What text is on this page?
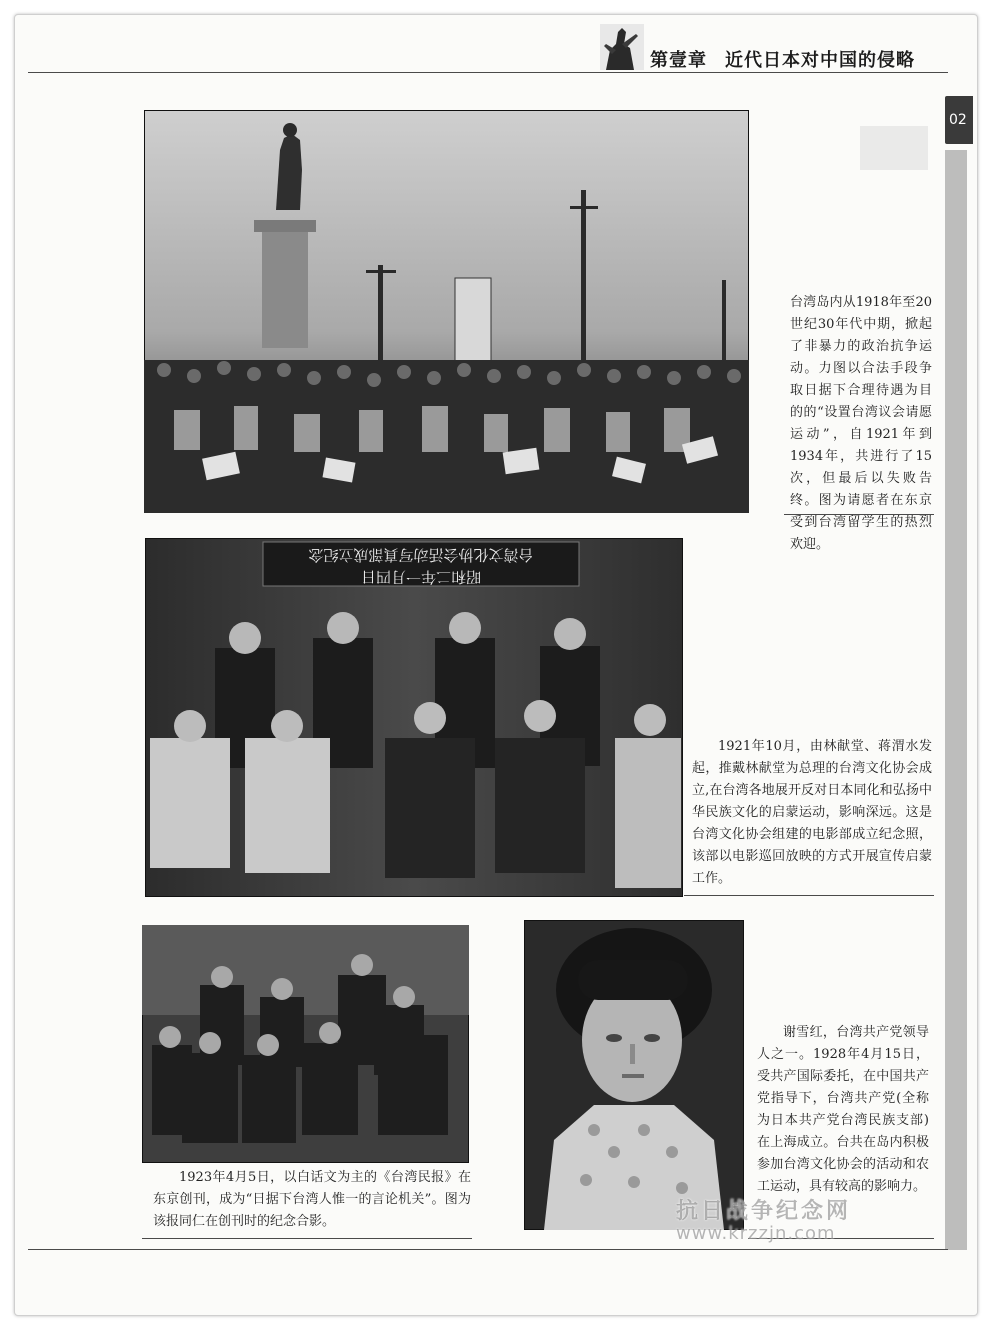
第壹章 近代日本对中国的侵略
02
台湾岛内从1918年至20世纪30年代中期，掀起了非暴力的政治抗争运动。力图以合法手段争取日据下合理待遇为目的的“设置台湾议会请愿运动”，自1921年到1934年，共进行了15次，但最后以失败告终。图为请愿者在东京受到台湾留学生的热烈欢迎。
台湾文化协会活动写真部成立纪念
昭和二年一月四日
1921年10月，由林献堂、蒋渭水发起，推戴林献堂为总理的台湾文化协会成立,在台湾各地展开反对日本同化和弘扬中华民族文化的启蒙运动，影响深远。这是台湾文化协会组建的电影部成立纪念照，该部以电影巡回放映的方式开展宣传启蒙工作。
1923年4月5日，以白话文为主的《台湾民报》在东京创刊，成为“日据下台湾人惟一的言论机关”。图为该报同仁在创刊时的纪念合影。
谢雪红，台湾共产党领导人之一。1928年4月15日，受共产国际委托，在中国共产党指导下，台湾共产党(全称为日本共产党台湾民族支部)在上海成立。台共在岛内积极参加台湾文化协会的活动和农工运动，具有较高的影响力。
抗日战争纪念网
www.krzzjn.com
